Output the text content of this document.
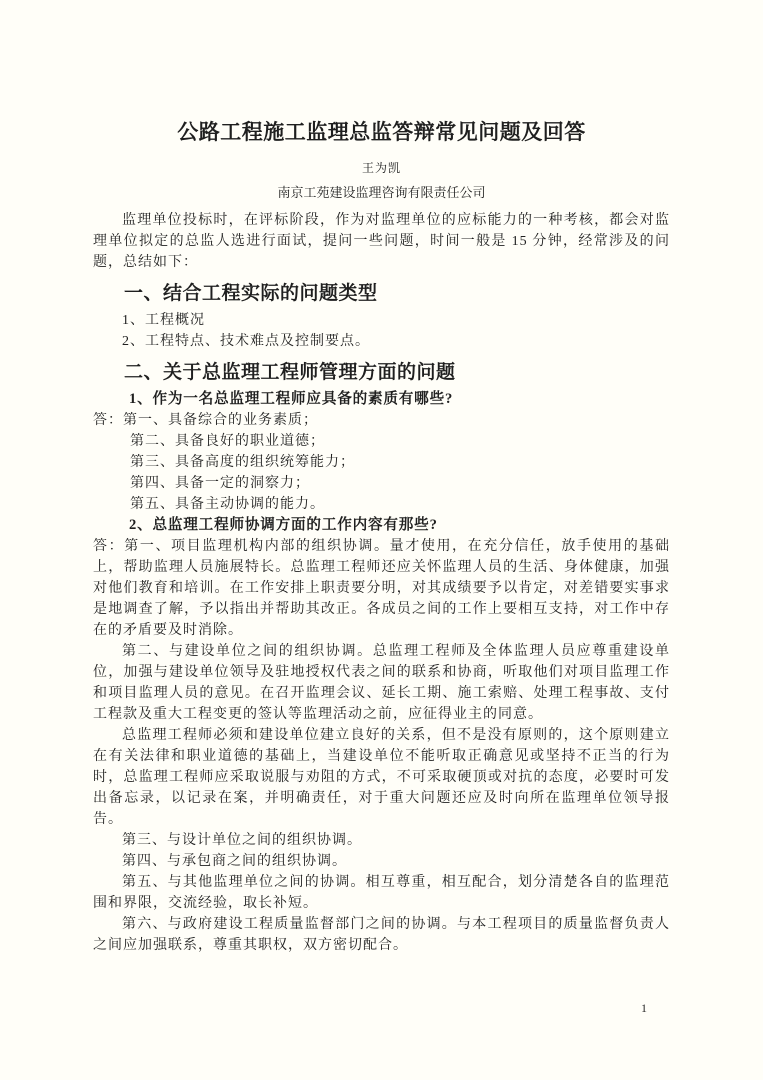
公路工程施工监理总监答辩常见问题及回答
王为凯
南京工苑建设监理咨询有限责任公司

监理单位投标时，在评标阶段，作为对监理单位的应标能力的一种考核，都会对监理单位拟定的总监人选进行面试，提问一些问题，时间一般是 15 分钟，经常涉及的问题，总结如下：

一、结合工程实际的问题类型
1、工程概况
2、工程特点、技术难点及控制要点。
二、关于总监理工程师管理方面的问题
1、作为一名总监理工程师应具备的素质有哪些?
答：第一、具备综合的业务素质；
第二、具备良好的职业道德；
第三、具备高度的组织统筹能力；
第四、具备一定的洞察力；
第五、具备主动协调的能力。
2、总监理工程师协调方面的工作内容有那些?

答：第一、项目监理机构内部的组织协调。量才使用，在充分信任，放手使用的基础上，帮助监理人员施展特长。总监理工程师还应关怀监理人员的生活、身体健康，加强对他们教育和培训。在工作安排上职责要分明，对其成绩要予以肯定，对差错要实事求是地调查了解，予以指出并帮助其改正。各成员之间的工作上要相互支持，对工作中存在的矛盾要及时消除。

第二、与建设单位之间的组织协调。总监理工程师及全体监理人员应尊重建设单位，加强与建设单位领导及驻地授权代表之间的联系和协商，听取他们对项目监理工作和项目监理人员的意见。在召开监理会议、延长工期、施工索赔、处理工程事故、支付工程款及重大工程变更的签认等监理活动之前，应征得业主的同意。

总监理工程师必须和建设单位建立良好的关系，但不是没有原则的，这个原则建立在有关法律和职业道德的基础上，当建设单位不能听取正确意见或坚持不正当的行为时，总监理工程师应采取说服与劝阻的方式，不可采取硬顶或对抗的态度，必要时可发出备忘录，以记录在案，并明确责任，对于重大问题还应及时向所在监理单位领导报告。

第三、与设计单位之间的组织协调。

第四、与承包商之间的组织协调。

第五、与其他监理单位之间的协调。相互尊重，相互配合，划分清楚各自的监理范围和界限，交流经验，取长补短。

第六、与政府建设工程质量监督部门之间的协调。与本工程项目的质量监督负责人之间应加强联系，尊重其职权，双方密切配合。

1
